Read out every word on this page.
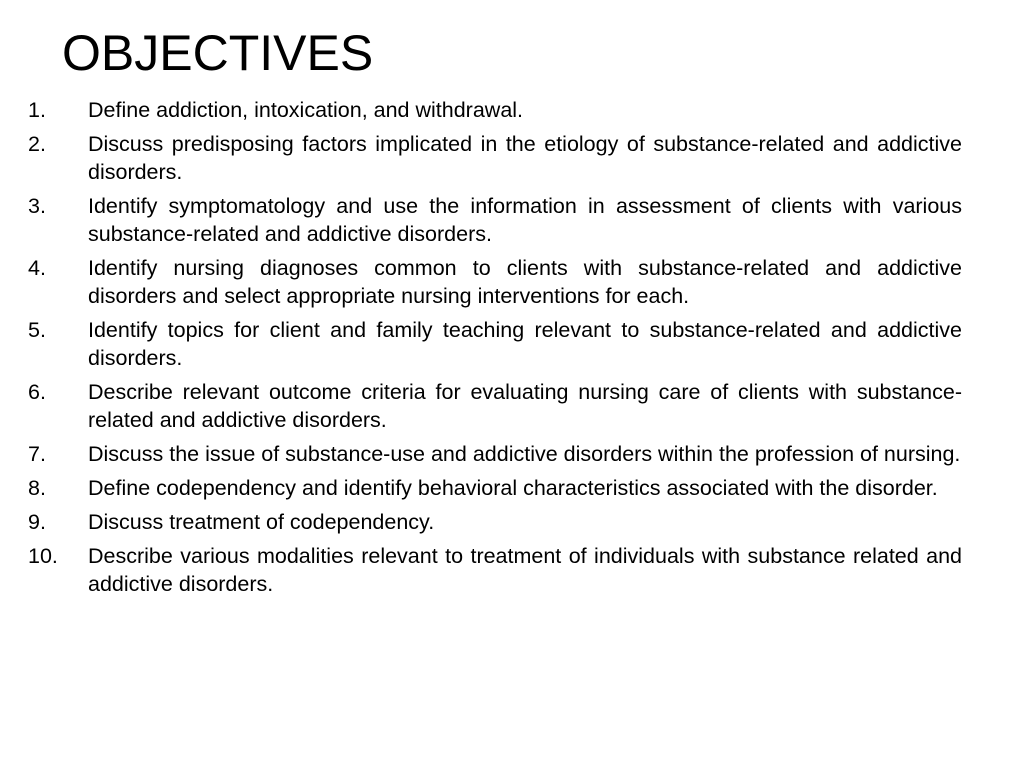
OBJECTIVES
1.	Define addiction, intoxication, and withdrawal.
2.	Discuss predisposing factors implicated in the etiology of substance-related and addictive disorders.
3.	Identify symptomatology and use the information in assessment of clients with various substance-related and addictive disorders.
4.	Identify nursing diagnoses common to clients with substance-related and addictive disorders and select appropriate nursing interventions for each.
5.	Identify topics for client and family teaching relevant to substance-related and addictive disorders.
6.	Describe relevant outcome criteria for evaluating nursing care of clients with substance-related and addictive disorders.
7.	Discuss the issue of substance-use and addictive disorders within the profession of nursing.
8.	Define codependency and identify behavioral characteristics associated with the disorder.
9.	Discuss treatment of codependency.
10.	Describe various modalities relevant to treatment of individuals with substance related and addictive disorders.
